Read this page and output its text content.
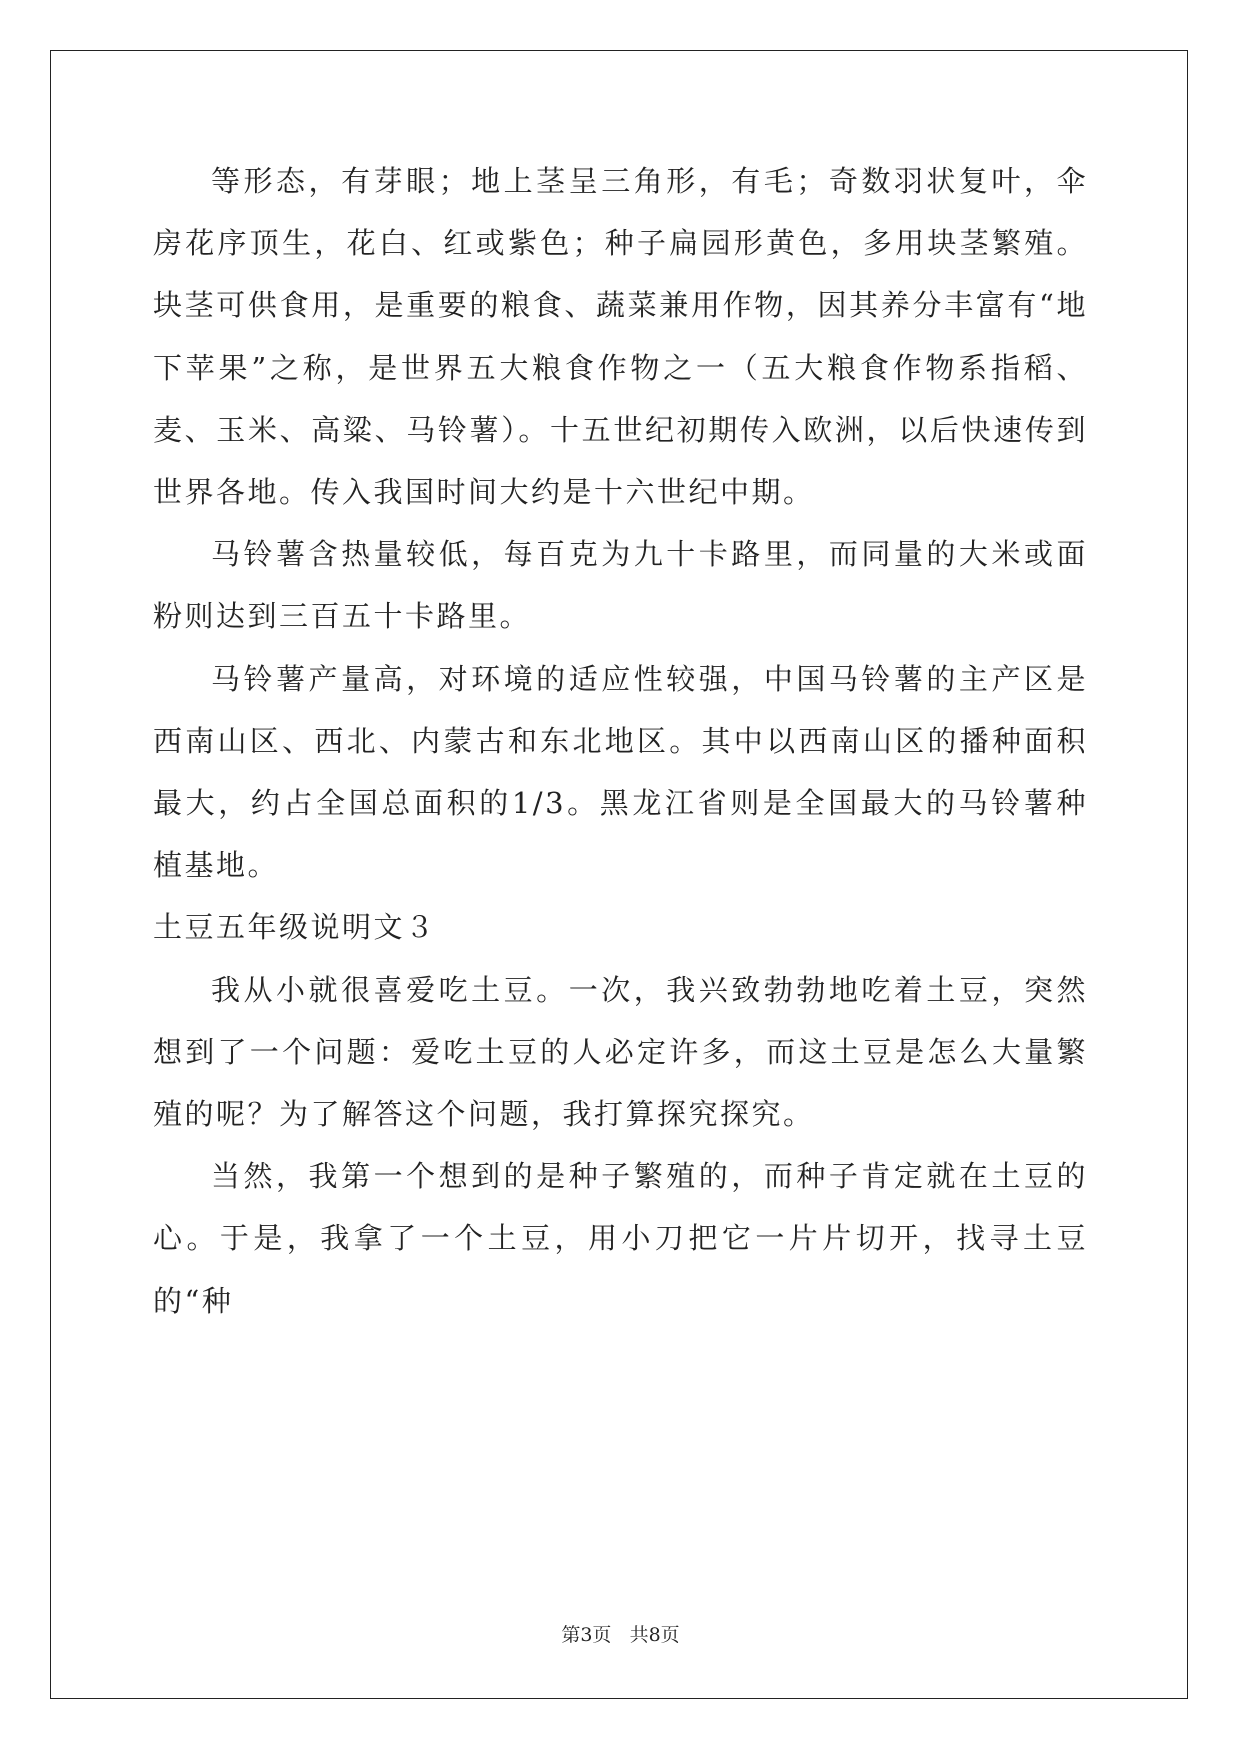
等形态，有芽眼；地上茎呈三角形，有毛；奇数羽状复叶，伞房花序顶生，花白、红或紫色；种子扁园形黄色，多用块茎繁殖。块茎可供食用，是重要的粮食、蔬菜兼用作物，因其养分丰富有“地下苹果”之称，是世界五大粮食作物之一（五大粮食作物系指稻、麦、玉米、高粱、马铃薯）。十五世纪初期传入欧洲，以后快速传到世界各地。传入我国时间大约是十六世纪中期。

马铃薯含热量较低，每百克为九十卡路里，而同量的大米或面粉则达到三百五十卡路里。

马铃薯产量高，对环境的适应性较强，中国马铃薯的主产区是西南山区、西北、内蒙古和东北地区。其中以西南山区的播种面积最大，约占全国总面积的1/3。黑龙江省则是全国最大的马铃薯种植基地。

土豆五年级说明文３

我从小就很喜爱吃土豆。一次，我兴致勃勃地吃着土豆，突然想到了一个问题：爱吃土豆的人必定许多，而这土豆是怎么大量繁殖的呢？为了解答这个问题，我打算探究探究。

当然，我第一个想到的是种子繁殖的，而种子肯定就在土豆的心。于是，我拿了一个土豆，用小刀把它一片片切开，找寻土豆的“种

第3页 共8页
